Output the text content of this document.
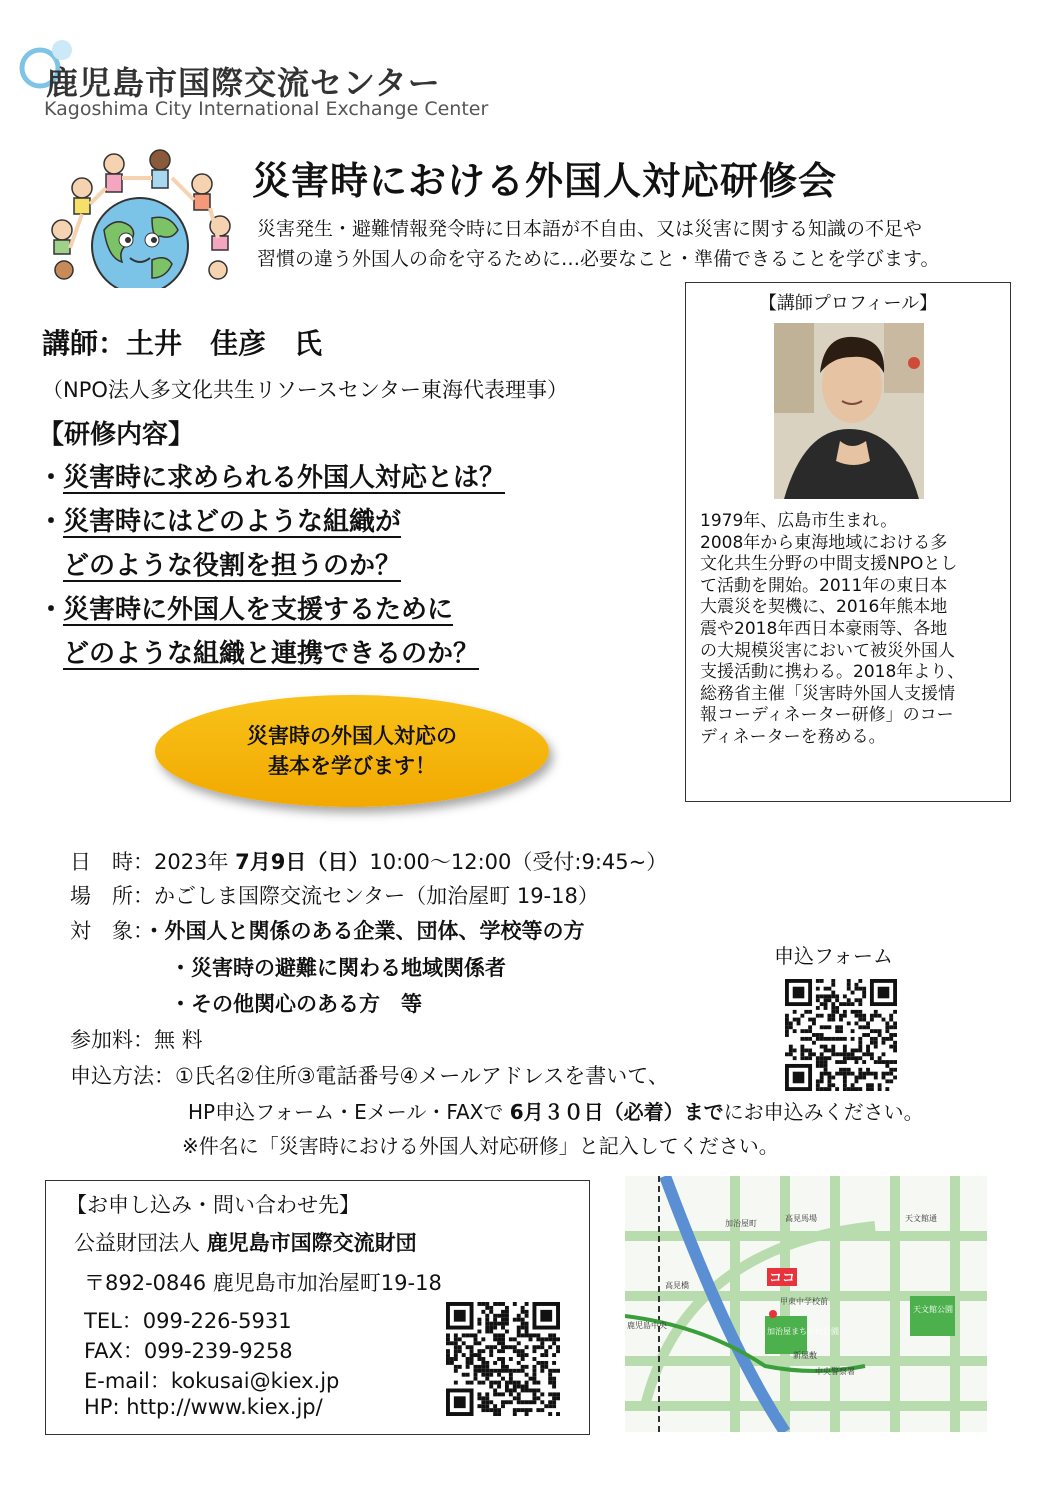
鹿児島市国際交流センター
Kagoshima City International Exchange Center
災害時における外国人対応研修会
災害発生・避難情報発令時に日本語が不自由、又は災害に関する知識の不足や
習慣の違う外国人の命を守るために…必要なこと・準備できることを学びます。
講師：土井　佳彦　氏
（NPO法人多文化共生リソースセンター東海代表理事）
【研修内容】
・災害時に求められる外国人対応とは？
・災害時にはどのような組織が
どのような役割を担うのか？
・災害時に外国人を支援するために
どのような組織と連携できるのか？
災害時の外国人対応の
基本を学びます！
【講師プロフィール】
1979年、広島市生まれ。
2008年から東海地域における多
文化共生分野の中間支援NPOとし
て活動を開始。2011年の東日本
大震災を契機に、2016年熊本地
震や2018年西日本豪雨等、各地
の大規模災害において被災外国人
支援活動に携わる。2018年より、
総務省主催「災害時外国人支援情
報コーディネーター研修」のコー
ディネーターを務める。
日　時：2023年 7月9日（日）10:00～12:00（受付:9:45~）
場　所：かごしま国際交流センター（加治屋町 19-18）
対　象：・外国人と関係のある企業、団体、学校等の方
・災害時の避難に関わる地域関係者
・その他関心のある方　等
参加料：無 料
申込方法：①氏名②住所③電話番号④メールアドレスを書いて、
HP申込フォーム・Eメール・FAXで 6月３０日（必着）までにお申込みください。
※件名に「災害時における外国人対応研修」と記入してください。
申込フォーム
【お申し込み・問い合わせ先】
公益財団法人 鹿児島市国際交流財団
〒892-0846 鹿児島市加治屋町19-18
TEL：099-226-5931
FAX：099-239-9258
E-mail：kokusai@kiex.jp
HP: http://www.kiex.jp/
ココ
加治屋町
高見馬場	天文館通
高見橋
甲東中学校前
鹿児島中央
天文館公園
加治屋まちの杜公園
新屋敷
中央警察署
